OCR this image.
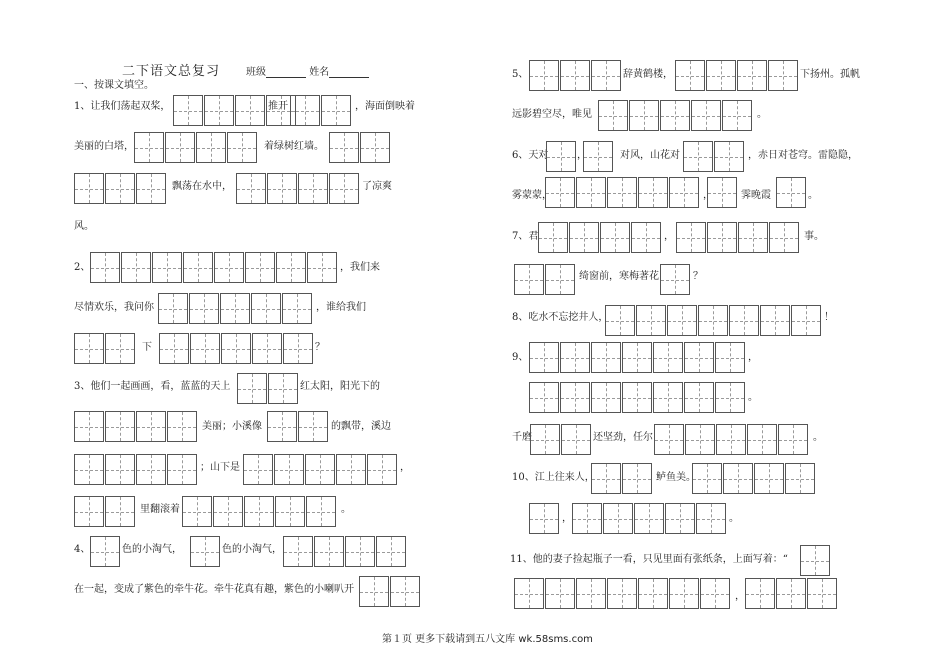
二下语文总复习	班级	姓名
一、按课文填空。
1、让我们荡起双桨，	推开	，海面倒映着
美丽的白塔，	着绿树红墙。
飘荡在水中，	了凉爽
风。
2、	，我们来
尽情欢乐，我问你	，谁给我们
下	？
3、他们一起画画，看，蓝蓝的天上	红太阳，阳光下的
美丽；小溪像	的飘带，溪边
；山下是	，
里翻滚着	。
4、	色的小淘气，	色的小淘气，
在一起，变成了紫色的牵牛花。牵牛花真有趣，紫色的小喇叭开
5、	辞黄鹤楼，	下扬州。孤帆
远影碧空尽，唯见	。
6、天对	，	对风，山花对	，赤日对苍穹。雷隐隐，
雾蒙蒙，	，	霁晚霞	。
7、君	，	事。
绮窗前，寒梅著花	？
8、吃水不忘挖井人，	！
9、	，
。
千磨	还坚劲，任尔	。
10、江上往来人，	鲈鱼美。
，	。
11、他的妻子捡起瓶子一看，只见里面有张纸条，上面写着：“
，
第１页 更多下载请到五八文库 wk.58sms.com
